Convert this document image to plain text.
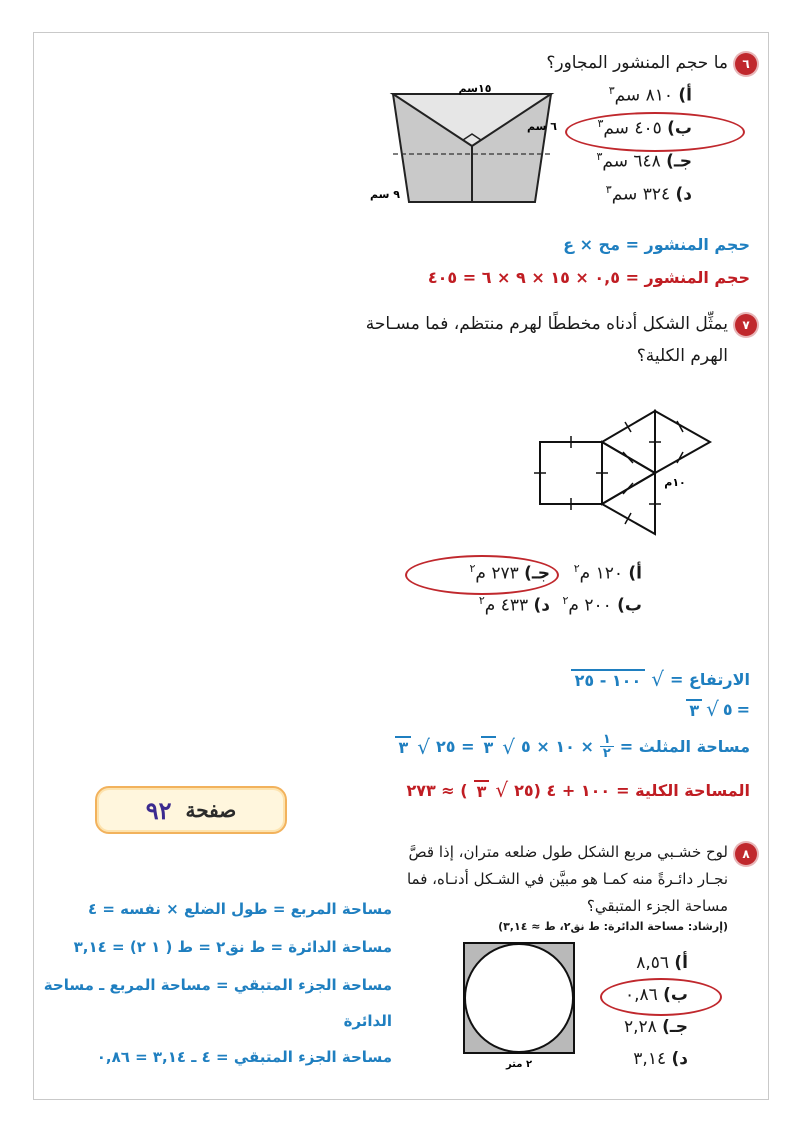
٦
ما حجم المنشور المجاور؟
أ) ٨١٠ سم$^٣$
ب) ٤٠٥ سم$^٣$
جـ) ٦٤٨ سم$^٣$
د) ٣٢٤ سم$^٣$
١٥سم
٦ سم
٩ سم
حجم المنشور = مح × ع
حجم المنشور = ٠,٥ × ١٥ × ٩ × ٦ = ٤٠٥
٧
يمثِّل الشكل أدناه مخططًا لهرم منتظم، فما مسـاحة
الهرم الكلية؟
١٠م
أ) ١٢٠ م$^٢$
ب) ٢٠٠ م$^٢$
جـ) ٢٧٣ م$^٢$
د) ٤٣٣ م$^٢$
الارتفاع =
√
١٠٠ - ٢٥
=
٥
√
٣
مساحة المثلث =
١
٢
× ١٠ × ٥
√
٣
= ٢٥
√
٣
المساحة الكلية =
١٠٠ + ٤ (٢٥
√
٣
) ≈ ٢٧٣
صفحة
٩٢
٨
لوح خشـبي مربع الشكل طول ضلعه متران، إذا قصَّ
نجـار دائـرةً منه كمـا هو مبيَّن في الشـكل أدنـاه، فما
مساحة الجزء المتبقي؟
(إرشاد: مساحة الدائرة: ط نق٢، ط ≈ ٣,١٤)
٢ متر
أ) ٨,٥٦
ب) ٠,٨٦
جـ) ٢,٢٨
د) ٣,١٤
مساحة المربع = طول الضلع × نفسه = ٤
مساحة الدائرة = ط نق٢ = ط ( ١ ٢) = ٣,١٤
مساحة الجزء المتبقي = مساحة المربع ـ مساحة
الدائرة
مساحة الجزء المتبقي = ٤ ـ ٣,١٤ = ٠,٨٦
